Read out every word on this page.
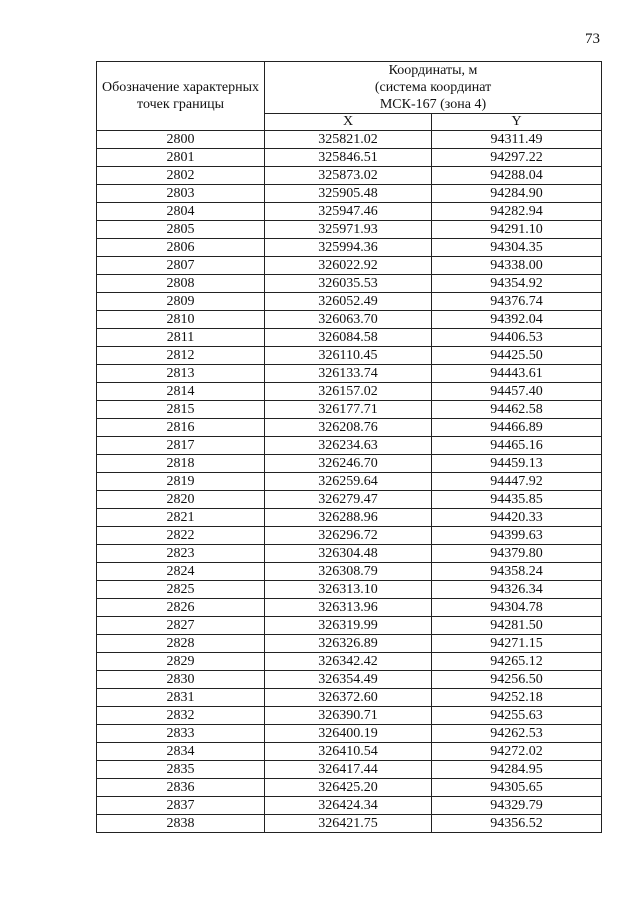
73
Обозначение характерных точек границы	Координаты, м
(система координат
МСК-167 (зона 4)	
	X	Y
2800	325821.02	94311.49
2801	325846.51	94297.22
2802	325873.02	94288.04
2803	325905.48	94284.90
2804	325947.46	94282.94
2805	325971.93	94291.10
2806	325994.36	94304.35
2807	326022.92	94338.00
2808	326035.53	94354.92
2809	326052.49	94376.74
2810	326063.70	94392.04
2811	326084.58	94406.53
2812	326110.45	94425.50
2813	326133.74	94443.61
2814	326157.02	94457.40
2815	326177.71	94462.58
2816	326208.76	94466.89
2817	326234.63	94465.16
2818	326246.70	94459.13
2819	326259.64	94447.92
2820	326279.47	94435.85
2821	326288.96	94420.33
2822	326296.72	94399.63
2823	326304.48	94379.80
2824	326308.79	94358.24
2825	326313.10	94326.34
2826	326313.96	94304.78
2827	326319.99	94281.50
2828	326326.89	94271.15
2829	326342.42	94265.12
2830	326354.49	94256.50
2831	326372.60	94252.18
2832	326390.71	94255.63
2833	326400.19	94262.53
2834	326410.54	94272.02
2835	326417.44	94284.95
2836	326425.20	94305.65
2837	326424.34	94329.79
2838	326421.75	94356.52
